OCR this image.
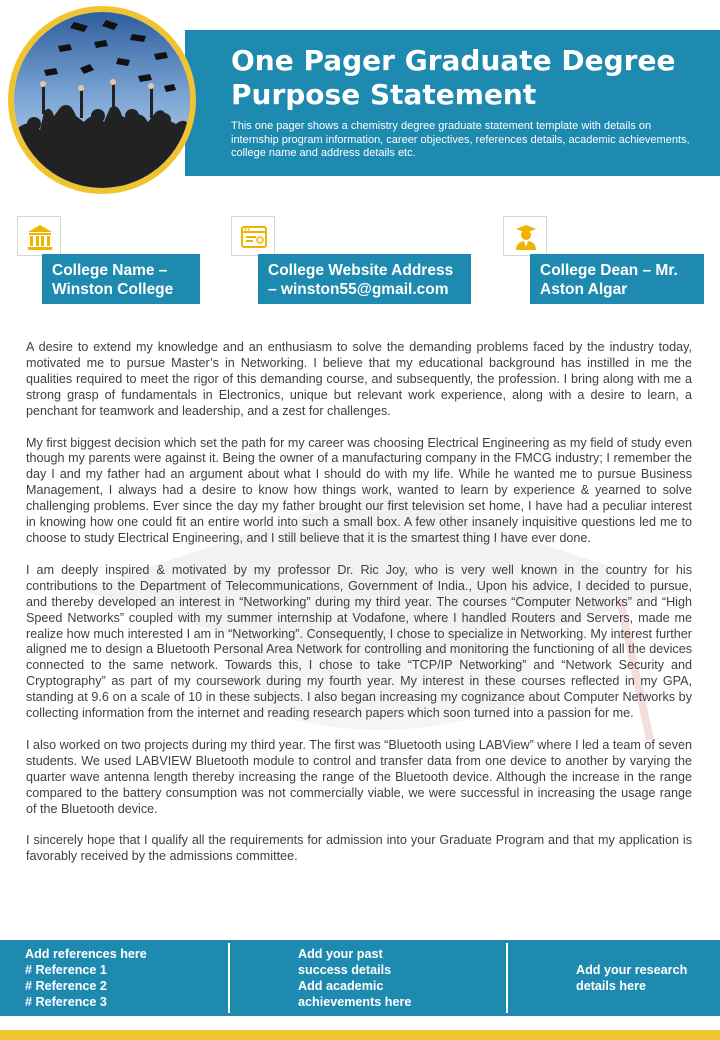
One Pager Graduate Degree
Purpose Statement
This one pager shows a chemistry degree graduate statement template with details on internship program information, career objectives, references details, academic achievements, college name and address details etc.
College Name –
Winston College
College Website Address
– winston55@gmail.com
College Dean – Mr.
Aston Algar

A desire to extend my knowledge and an enthusiasm to solve the demanding problems faced by the industry today, motivated me to pursue Master’s in Networking. I believe that my educational background has instilled in me the qualities required to meet the rigor of this demanding course, and subsequently, the profession. I bring along with me a strong grasp of fundamentals in Electronics, unique but relevant work experience, along with a desire to learn, a penchant for teamwork and leadership, and a zest for challenges.

My first biggest decision which set the path for my career was choosing Electrical Engineering as my field of study even though my parents were against it. Being the owner of a manufacturing company in the FMCG industry; I remember the day I and my father had an argument about what I should do with my life. While he wanted me to pursue Business Management, I always had a desire to know how things work, wanted to learn by experience & yearned to solve challenging problems. Ever since the day my father brought our first television set home, I have had a peculiar interest in knowing how one could fit an entire world into such a small box. A few other insanely inquisitive questions led me to choose to study Electrical Engineering, and I still believe that it is the smartest thing I have ever done.

I am deeply inspired & motivated by my professor Dr. Ric Joy, who is very well known in the country for his contributions to the Department of Telecommunications, Government of India., Upon his advice, I decided to pursue, and thereby developed an interest in “Networking” during my third year. The courses “Computer Networks” and “High Speed Networks” coupled with my summer internship at Vodafone, where I handled Routers and Servers, made me realize how much interested I am in “Networking”. Consequently, I chose to specialize in Networking. My interest further aligned me to design a Bluetooth Personal Area Network for controlling and monitoring the functioning of all the devices connected to the same network. Towards this, I chose to take “TCP/IP Networking” and “Network Security and Cryptography” as part of my coursework during my fourth year. My interest in these courses reflected in my GPA, standing at 9.6 on a scale of 10 in these subjects. I also began increasing my cognizance about Computer Networks by collecting information from the internet and reading research papers which soon turned into a passion for me.

I also worked on two projects during my third year. The first was “Bluetooth using LABView” where I led a team of seven students. We used LABVIEW Bluetooth module to control and transfer data from one device to another by varying the quarter wave antenna length thereby increasing the range of the Bluetooth device. Although the increase in the range compared to the battery consumption was not commercially viable, we were successful in increasing the usage range of the Bluetooth device.

I sincerely hope that I qualify all the requirements for admission into your Graduate Program and that my application is favorably received by the admissions committee.

Add references here
# Reference 1
# Reference 2
# Reference 3
Add your past
success details
Add academic
achievements here
Add your research
details here
